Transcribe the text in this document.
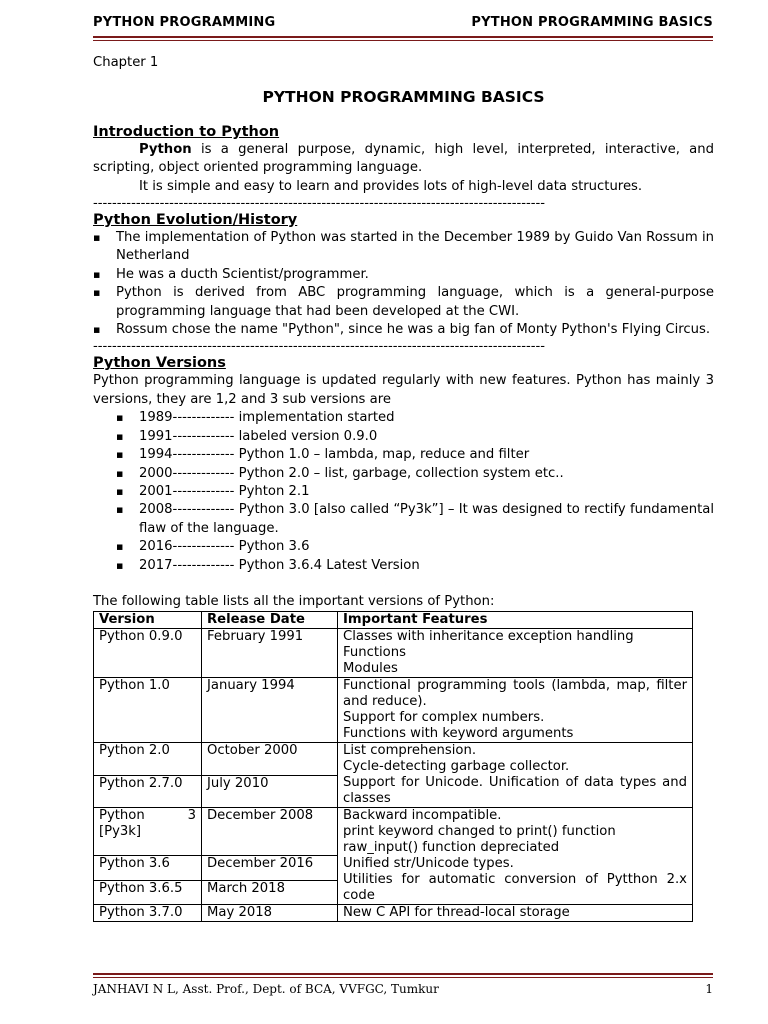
PYTHON PROGRAMMING	PYTHON PROGRAMMING BASICS
Chapter 1
PYTHON PROGRAMMING BASICS
Introduction to Python

Python is a general purpose, dynamic, high level, interpreted, interactive, and scripting, object oriented programming language.

It is simple and easy to learn and provides lots of high-level data structures.

-----------------------------------------------------------------------------------------------
Python Evolution/History
▪ The implementation of Python was started in the December 1989 by Guido Van Rossum in Netherland
▪ He was a ducth Scientist/programmer.
▪ Python is derived from ABC programming language, which is a general-purpose programming language that had been developed at the CWI.
▪ Rossum chose the name "Python", since he was a big fan of Monty Python's Flying Circus.
-----------------------------------------------------------------------------------------------
Python Versions

Python programming language is updated regularly with new features. Python has mainly 3 versions, they are 1,2 and 3 sub versions are

▪ 1989------------- implementation started
▪ 1991------------- labeled version 0.9.0
▪ 1994------------- Python 1.0 – lambda, map, reduce and filter
▪ 2000------------- Python 2.0 – list, garbage, collection system etc..
▪ 2001------------- Pyhton 2.1
▪ 2008------------- Python 3.0 [also called “Py3k”] – It was designed to rectify fundamental flaw of the language.
▪ 2016------------- Python 3.6
▪ 2017------------- Python 3.6.4 Latest Version
The following table lists all the important versions of Python:
Version	Release Date	Important Features
Python 0.9.0	February 1991	Classes with inheritance exception handling
Functions
Modules

Python 1.0	January 1994	Functional programming tools (lambda, map, filter and reduce).
Support for complex numbers.
Functions with keyword arguments

Python 2.0	October 2000	List comprehension.
Cycle-detecting garbage collector.
Support for Unicode. Unification of data types and classes

Python 2.7.0	July 2010	
Python 3 [Py3k]	December 2008	Backward incompatible.
print keyword changed to print() function
raw_input() function depreciated
Unified str/Unicode types.
Utilities for automatic conversion of Pytthon 2.x code

Python 3.6	December 2016	
Python 3.6.5	March 2018	
Python 3.7.0	May 2018	New C API for thread-local storage
JANHAVI N L, Asst. Prof., Dept. of BCA, VVFGC, Tumkur	1
